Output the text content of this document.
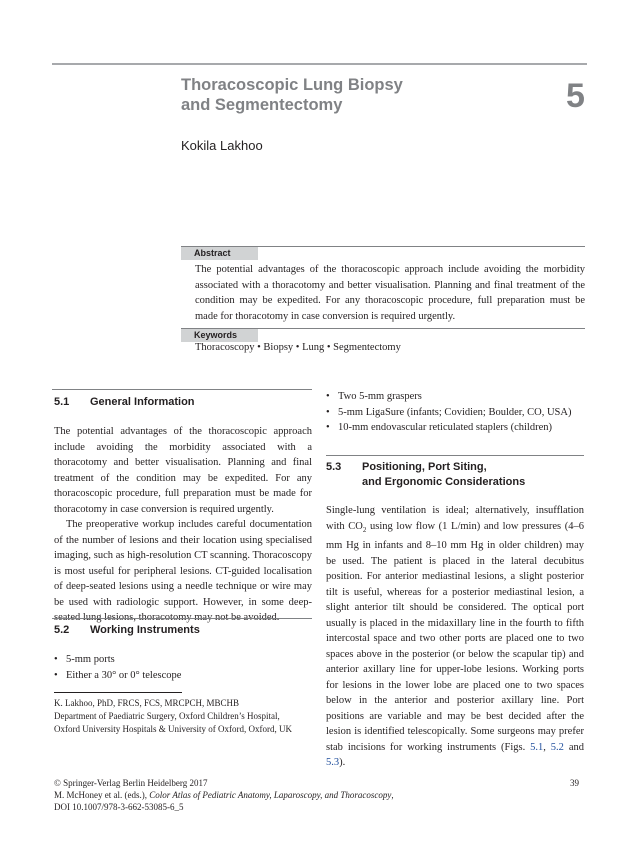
Thoracoscopic Lung Biopsy
and Segmentectomy	5
Kokila Lakhoo
Abstract
The potential advantages of the thoracoscopic approach include avoiding the morbidity associated with a thoracotomy and better visualisation. Planning and final treatment of the condition may be expedited. For any thoracoscopic procedure, full preparation must be made for thoracotomy in case conversion is required urgently.
Keywords
Thoracoscopy • Biopsy • Lung • Segmentectomy
5.1 General Information

The potential advantages of the thoracoscopic approach include avoiding the morbidity associated with a thoracotomy and better visualisation. Planning and final treatment of the condition may be expedited. For any thoracoscopic procedure, full preparation must be made for thoracotomy in case conversion is required urgently.

The preoperative workup includes careful documentation of the number of lesions and their location using specialised imaging, such as high-resolution CT scanning. Thoracoscopy is most useful for peripheral lesions. CT-guided localisation of deep-seated lesions using a needle technique or wire may be used with radiologic support. However, in some deep-

5.2 Working Instruments
• 5-mm ports
• Either a 30° or 0° telescope
K. Lakhoo, PhD, FRCS, FCS, MRCPCH, MBCHB
Department of Paediatric Surgery, Oxford Children’s Hospital,
Oxford University Hospitals & University of Oxford, Oxford, UK
• Two 5-mm graspers
• 5-mm LigaSure (infants; Covidien; Boulder, CO, USA)
• 10-mm endovascular reticulated staplers (children)
5.3 Positioning, Port Siting,
and Ergonomic Considerations

Single-lung ventilation is ideal; alternatively, insufflation with $CO_2$ using low flow (1 L/min) and low pressures (4–6 mm Hg in infants and 8–10 mm Hg in older children) may be used. The patient is placed in the lateral decubitus position. For anterior mediastinal lesions, a slight posterior tilt is useful, whereas for a posterior mediastinal lesion, a slight anterior tilt should be considered. The optical port usually is placed in the midaxillary line in the fourth to fifth intercostal space and two other ports are placed one to two spaces above in the posterior (or below the scapular tip) and anterior axillary line for upper-lobe lesions. Working ports for lesions in the lower lobe are placed one to two spaces below in the anterior and posterior axillary line. Port positions are variable and may be best decided after the lesion is identified telescopically. Some surgeons may prefer stab incisions for working instruments (Figs. 5.1, 5.2 and 5.3).

© Springer-Verlag Berlin Heidelberg 2017
M. McHoney et al. (eds.), Color Atlas of Pediatric Anatomy, Laparoscopy, and Thoracoscopy,
DOI 10.1007/978-3-662-53085-6_5
39
